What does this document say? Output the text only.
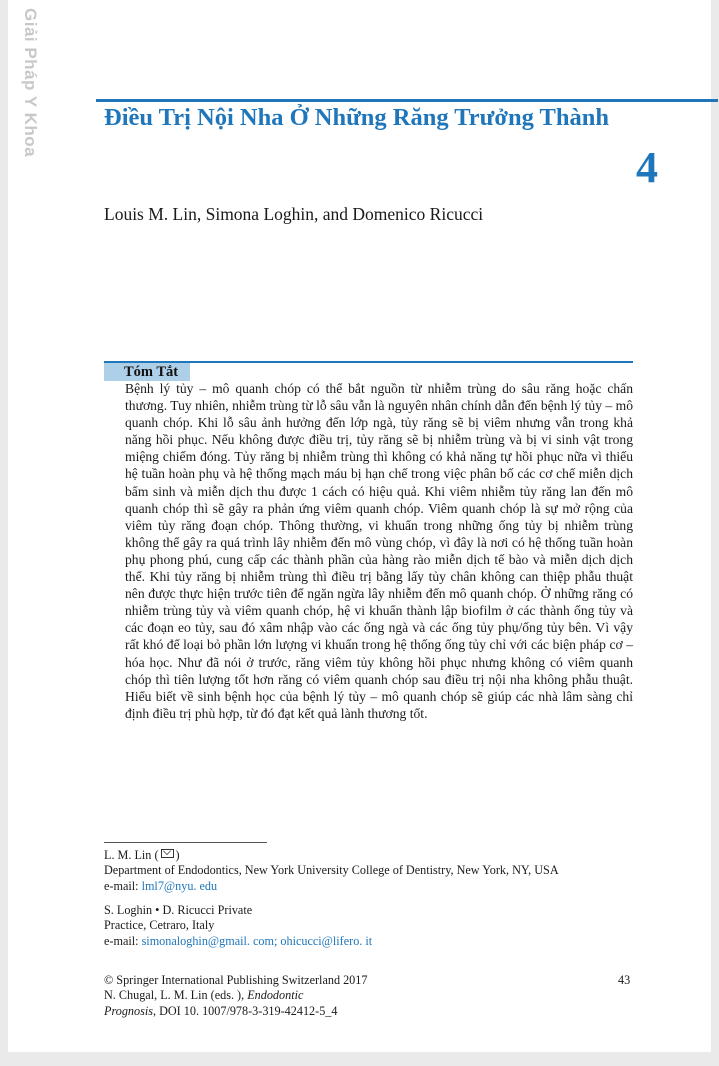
Giải Pháp Y Khoa	Điều Trị Nội Nha Ở Những Răng Trưởng Thành
4
Louis M. Lin, Simona Loghin, and Domenico Ricucci
Tóm Tắt
Bệnh lý tủy – mô quanh chóp có thể bắt nguồn từ nhiễm trùng do sâu răng hoặc chấn thương. Tuy nhiên, nhiễm trùng từ lỗ sâu vẫn là nguyên nhân chính dẫn đến bệnh lý tủy – mô quanh chóp. Khi lỗ sâu ảnh hưởng đến lớp ngà, tủy răng sẽ bị viêm nhưng vẫn trong khả năng hồi phục. Nếu không được điều trị, tủy răng sẽ bị nhiễm trùng và bị vi sinh vật trong miệng chiếm đóng. Tủy răng bị nhiễm trùng thì không có khả năng tự hồi phục nữa vì thiếu hệ tuần hoàn phụ và hệ thống mạch máu bị hạn chế trong việc phân bố các cơ chế miễn dịch bẩm sinh và miễn dịch thu được 1 cách có hiệu quả. Khi viêm nhiễm tủy răng lan đến mô quanh chóp thì sẽ gây ra phản ứng viêm quanh chóp. Viêm quanh chóp là sự mở rộng của viêm tủy răng đoạn chóp. Thông thường, vi khuẩn trong những ống tủy bị nhiễm trùng không thể gây ra quá trình lây nhiễm đến mô vùng chóp, vì đây là nơi có hệ thống tuần hoàn phụ phong phú, cung cấp các thành phần của hàng rào miễn dịch tế bào và miễn dịch dịch thể. Khi tủy răng bị nhiễm trùng thì điều trị bằng lấy tủy chân không can thiệp phẫu thuật nên được thực hiện trước tiên để ngăn ngừa lây nhiễm đến mô quanh chóp. Ở những răng có nhiễm trùng tủy và viêm quanh chóp, hệ vi khuẩn thành lập biofilm ở các thành ống tủy và các đoạn eo tủy, sau đó xâm nhập vào các ống ngà và các ống tủy phụ/ống tủy bên. Vì vậy rất khó để loại bỏ phần lớn lượng vi khuẩn trong hệ thống ống tủy chỉ với các biện pháp cơ – hóa học. Như đã nói ở trước, răng viêm tủy không hồi phục nhưng không có viêm quanh chóp thì tiên lượng tốt hơn răng có viêm quanh chóp sau điều trị nội nha không phẫu thuật. Hiểu biết về sinh bệnh học của bệnh lý tủy – mô quanh chóp sẽ giúp các nhà lâm sàng chỉ định điều trị phù hợp, từ đó đạt kết quả lành thương tốt.
L. M. Lin ( )
Department of Endodontics, New York University College of Dentistry, New York, NY, USA
e-mail: lml7@nyu. edu
S. Loghin • D. Ricucci Private
Practice, Cetraro, Italy
e-mail: simonaloghin@gmail. com; ohicucci@lifero. it
© Springer International Publishing Switzerland 2017
N. Chugal, L. M. Lin (eds. ), Endodontic
Prognosis, DOI 10. 1007/978-3-319-42412-5_4
43
